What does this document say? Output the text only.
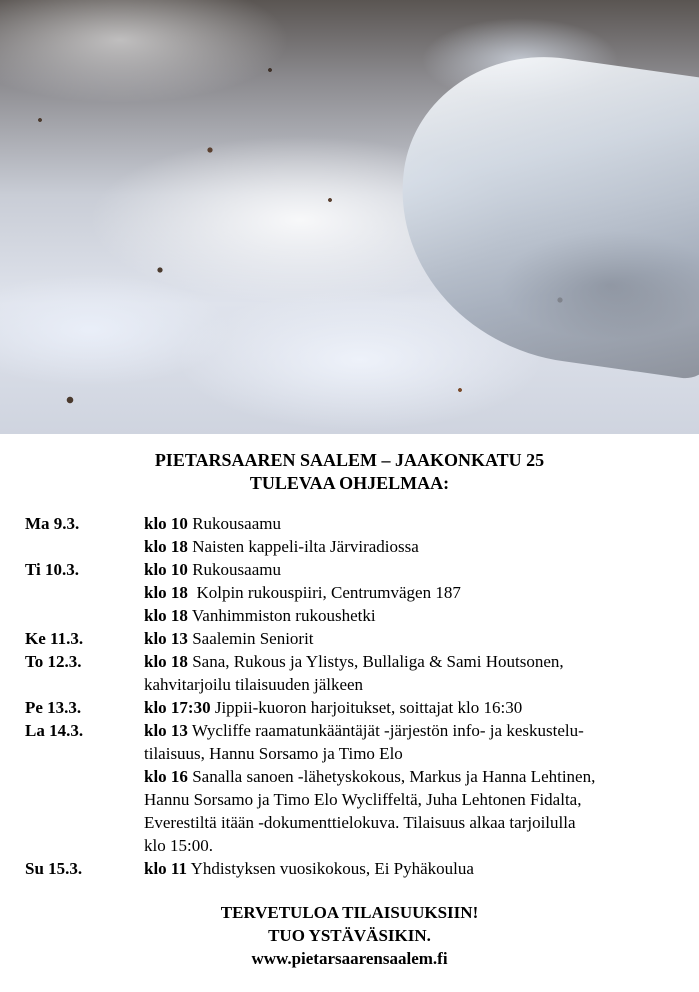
PIETARSAAREN SAALEM – JAAKONKATU 25
TULEVAA OHJELMAA:
Ma 9.3.	klo 10 Rukousaamu
klo 18 Naisten kappeli-ilta Järviradiossa
Ti 10.3.	klo 10 Rukousaamu
klo 18  Kolpin rukouspiiri, Centrumvägen 187
klo 18 Vanhimmiston rukoushetki
Ke 11.3.	klo 13 Saalemin Seniorit
To 12.3.	klo 18 Sana, Rukous ja Ylistys, Bullaliga & Sami Houtsonen,
kahvitarjoilu tilaisuuden jälkeen
Pe 13.3.	klo 17:30 Jippii-kuoron harjoitukset, soittajat klo 16:30
La 14.3.	klo 13 Wycliffe raamatunkääntäjät -järjestön info- ja keskustelu-
tilaisuus, Hannu Sorsamo ja Timo Elo
klo 16 Sanalla sanoen -lähetyskokous, Markus ja Hanna Lehtinen,
Hannu Sorsamo ja Timo Elo Wycliffeltä, Juha Lehtonen Fidalta,
Everestiltä itään -dokumenttielokuva. Tilaisuus alkaa tarjoilulla
klo 15:00.
Su 15.3.	klo 11 Yhdistyksen vuosikokous, Ei Pyhäkoulua
TERVETULOA TILAISUUKSIIN!
TUO YSTÄVÄSIKIN.
www.pietarsaarensaalem.fi
